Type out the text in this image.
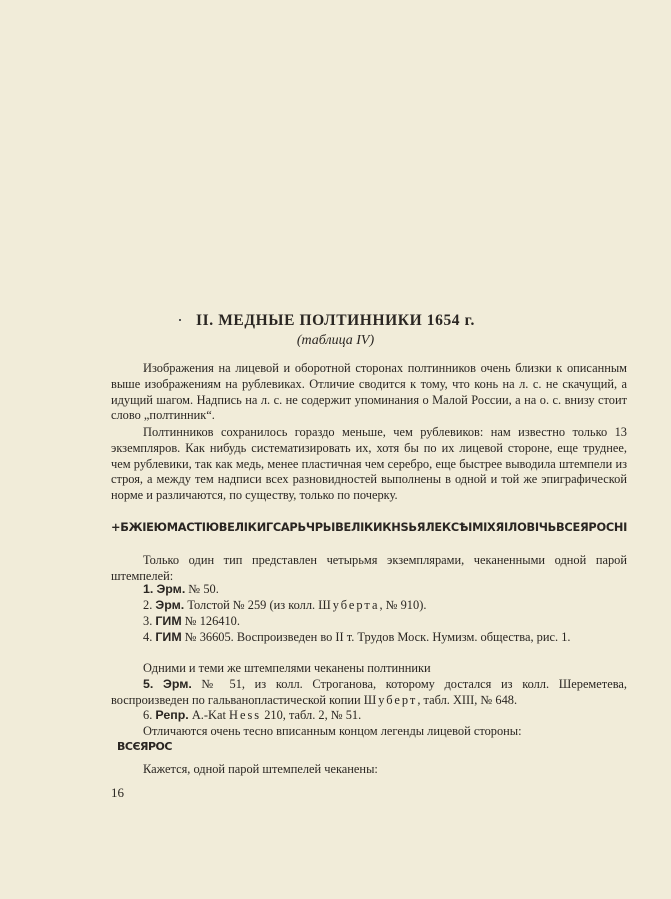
II. МЕДНЫЕ ПОЛТИННИКИ 1654 г.
(таблица IV)

Изображения на лицевой и оборотной сторонах полтинников очень близки к описанным выше изображениям на рублевиках. Отличие сводится к тому, что конь на л. с. не скачущий, а идущий шагом. Надпись на л. с. не содержит упоминания о Малой России, а на о. с. внизу стоит слово „полтинник“.

Полтинников сохранилось гораздо меньше, чем рублевиков: нам известно только 13 экземпляров. Как нибудь систематизировать их, хотя бы по их лицевой стороне, еще труднее, чем рублевики, так как медь, менее пластичная чем серебро, еще быстрее выводила штемпели из строя, а между тем надписи всех разновидностей выполнены в одной и той же эпиграфической норме и различаются, по существу, только по почерку.

+БЖІЕЮМАСТІЮВЕЛІКИГСАРЬЧРЬІВЕЛІКИКНЅЬЯЛЕКСѢІМІХЯІЛОВІЧЬВСЕЯРОСНІ

Только один тип представлен четырьмя экземплярами, чеканенными одной парой штемпелей:

1. Эрм. № 50.

2. Эрм. Толстой № 259 (из колл. Шуберта, № 910).

3. ГИМ № 126410.

4. ГИМ № 36605. Воспроизведен во II т. Трудов Моск. Нумизм. общества, рис. 1.

Одними и теми же штемпелями чеканены полтинники

5. Эрм. № 51, из колл. Строганова, которому достался из колл. Шереметева, воспроизведен по гальванопластической копии Шуберт, табл. XIII, № 648.

6. Репр. A.-Kat Hess 210, табл. 2, № 51.

Отличаются очень тесно вписанным концом легенды лицевой стороны:

ВСЄЯРОС

Кажется, одной парой штемпелей чеканены:

16
